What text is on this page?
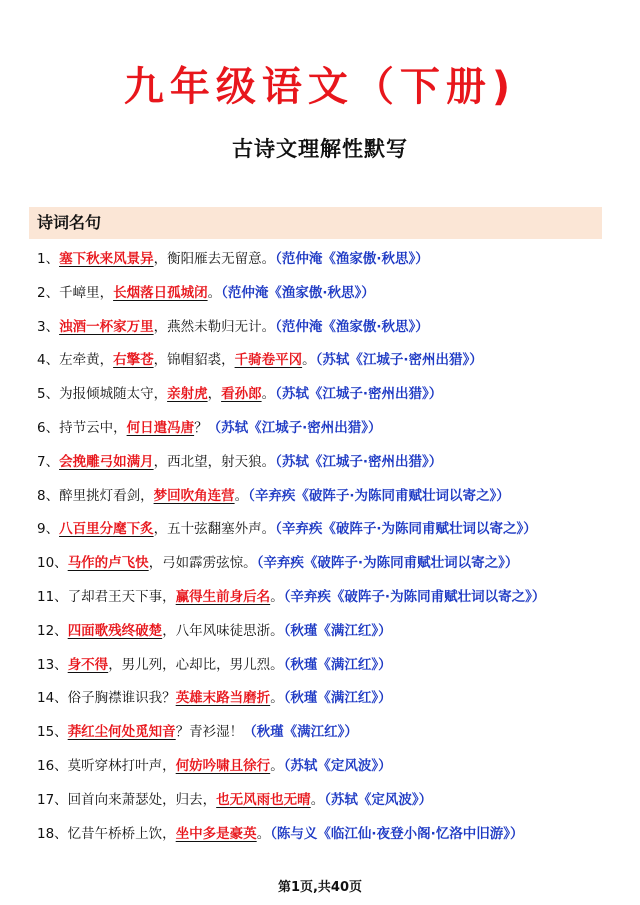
九年级语文（下册)
古诗文理解性默写
诗词名句
1、塞下秋来风景异，衡阳雁去无留意。（范仲淹《渔家傲·秋思》）
2、千嶂里，长烟落日孤城闭。（范仲淹《渔家傲·秋思》）
3、浊酒一杯家万里，燕然未勒归无计。（范仲淹《渔家傲·秋思》）
4、左牵黄，右擎苍，锦帽貂裘，千骑卷平冈。（苏轼《江城子·密州出猎》）
5、为报倾城随太守，亲射虎，看孙郎。（苏轼《江城子·密州出猎》）
6、持节云中，何日遣冯唐？（苏轼《江城子·密州出猎》）
7、会挽雕弓如满月，西北望，射天狼。（苏轼《江城子·密州出猎》）
8、醉里挑灯看剑，梦回吹角连营。（辛弃疾《破阵子·为陈同甫赋壮词以寄之》）
9、八百里分麾下炙，五十弦翻塞外声。（辛弃疾《破阵子·为陈同甫赋壮词以寄之》）
10、马作的卢飞快，弓如霹雳弦惊。（辛弃疾《破阵子·为陈同甫赋壮词以寄之》）
11、了却君王天下事，赢得生前身后名。（辛弃疾《破阵子·为陈同甫赋壮词以寄之》）
12、四面歌残终破楚，八年风味徒思浙。（秋瑾《满江红》）
13、身不得，男儿列，心却比，男儿烈。（秋瑾《满江红》）
14、俗子胸襟谁识我？英雄末路当磨折。（秋瑾《满江红》）
15、莽红尘何处觅知音？青衫湿！（秋瑾《满江红》）
16、莫听穿林打叶声，何妨吟啸且徐行。（苏轼《定风波》）
17、回首向来萧瑟处，归去，也无风雨也无晴。（苏轼《定风波》）
18、忆昔午桥桥上饮，坐中多是豪英。（陈与义《临江仙·夜登小阁·忆洛中旧游》）
第1页,共40页
